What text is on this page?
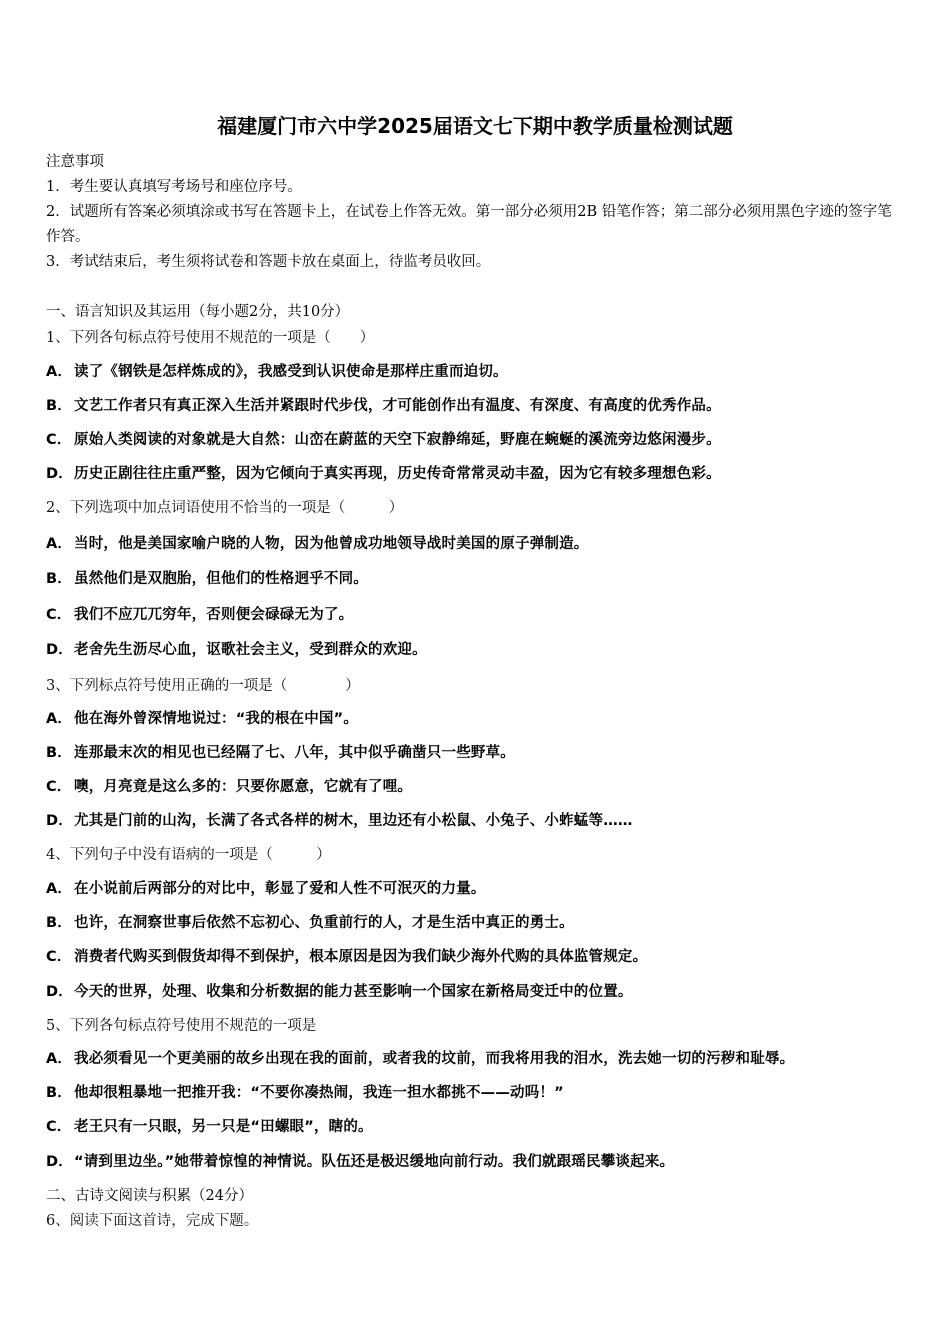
福建厦门市六中学2025届语文七下期中教学质量检测试题
注意事项
1．考生要认真填写考场号和座位序号。
2．试题所有答案必须填涂或书写在答题卡上，在试卷上作答无效。第一部分必须用2B 铅笔作答；第二部分必须用黑色字迹的签字笔作答。
3．考试结束后，考生须将试卷和答题卡放在桌面上，待监考员收回。
一、语言知识及其运用（每小题2分，共10分）
1、下列各句标点符号使用不规范的一项是（　　）
A． 读了《钢铁是怎样炼成的》，我感受到认识使命是那样庄重而迫切。
B． 文艺工作者只有真正深入生活并紧跟时代步伐，才可能创作出有温度、有深度、有高度的优秀作品。
C． 原始人类阅读的对象就是大自然：山峦在蔚蓝的天空下寂静绵延，野鹿在蜿蜒的溪流旁边悠闲漫步。
D．历史正剧往往庄重严整，因为它倾向于真实再现，历史传奇常常灵动丰盈，因为它有较多理想色彩。
2、下列选项中加点词语使用不恰当的一项是（　　　）
A． 当时，他是美国家喻户晓的人物，因为他曾成功地领导战时美国的原子弹制造。
B． 虽然他们是双胞胎，但他们的性格迥乎不同。
C． 我们不应兀兀穷年，否则便会碌碌无为了。
D．老舍先生沥尽心血，讴歌社会主义，受到群众的欢迎。
3、下列标点符号使用正确的一项是（　　　　）
A． 他在海外曾深情地说过：“我的根在中国”。
B． 连那最末次的相见也已经隔了七、八年，其中似乎确凿只一些野草。
C． 噢，月亮竟是这么多的：只要你愿意，它就有了哩。
D．尤其是门前的山沟，长满了各式各样的树木，里边还有小松鼠、小兔子、小蚱蜢等……
4、下列句子中没有语病的一项是（　　　）
A． 在小说前后两部分的对比中，彰显了爱和人性不可泯灭的力量。
B． 也许，在洞察世事后依然不忘初心、负重前行的人，才是生活中真正的勇士。
C． 消费者代购买到假货却得不到保护，根本原因是因为我们缺少海外代购的具体监管规定。
D．今天的世界，处理、收集和分析数据的能力甚至影响一个国家在新格局变迁中的位置。
5、下列各句标点符号使用不规范的一项是
A． 我必须看见一个更美丽的故乡出现在我的面前，或者我的坟前，而我将用我的泪水，洗去她一切的污秽和耻辱。
B． 他却很粗暴地一把推开我：“不要你凑热闹，我连一担水都挑不——动吗！”
C． 老王只有一只眼，另一只是“田螺眼”，瞎的。
D．“请到里边坐。”她带着惊惶的神情说。队伍还是极迟缓地向前行动。我们就跟瑶民攀谈起来。
二、古诗文阅读与积累（24分）
6、阅读下面这首诗，完成下题。
